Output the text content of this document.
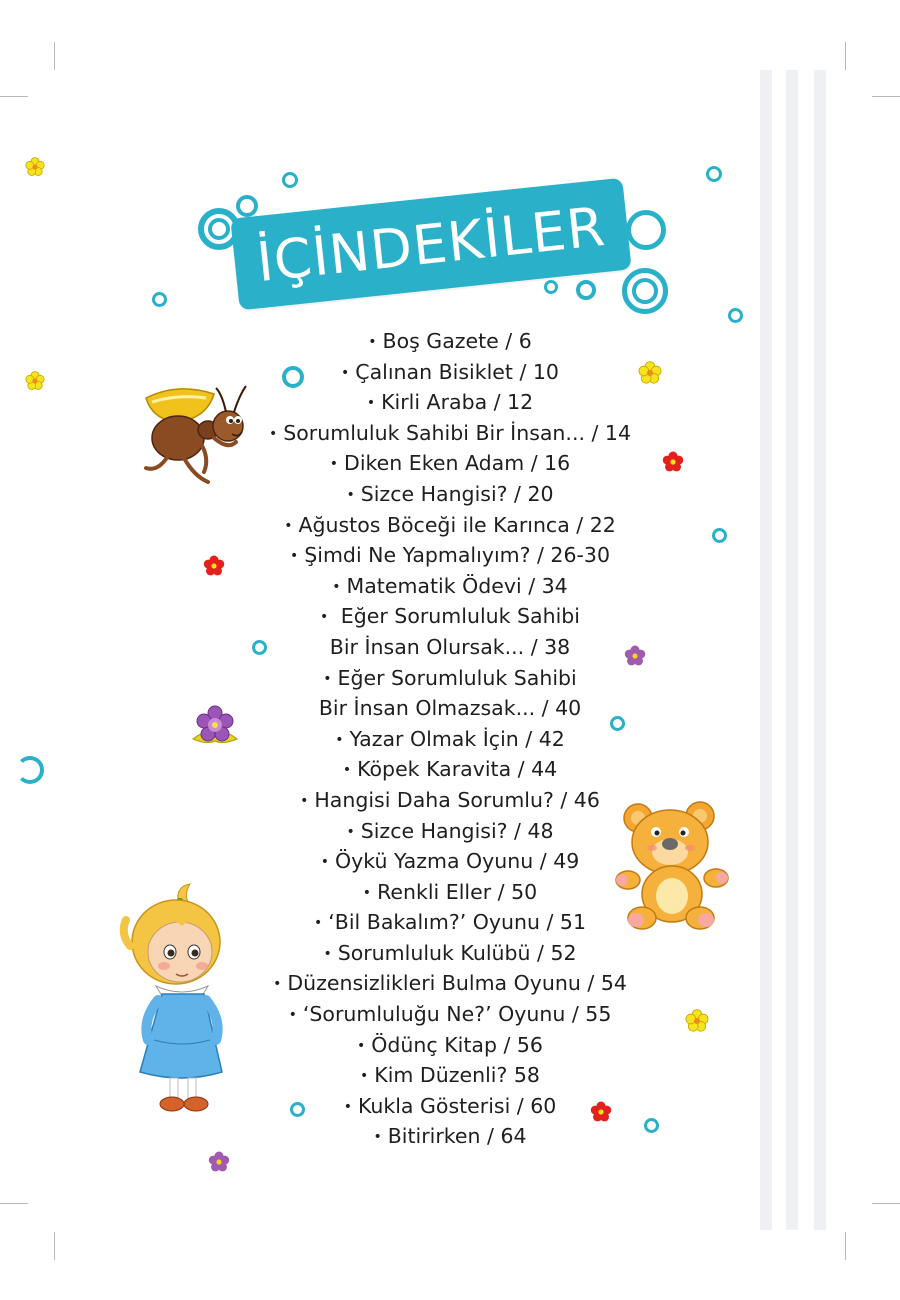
İÇİNDEKİLER
• Boş Gazete / 6
• Çalınan Bisiklet / 10
• Kirli Araba / 12
• Sorumluluk Sahibi Bir İnsan... / 14
• Diken Eken Adam / 16
• Sizce Hangisi? / 20
• Ağustos Böceği ile Karınca / 22
• Şimdi Ne Yapmalıyım? / 26-30
• Matematik Ödevi / 34
• Eğer Sorumluluk Sahibi
Bir İnsan Olursak... / 38
• Eğer Sorumluluk Sahibi
Bir İnsan Olmazsak... / 40
• Yazar Olmak İçin / 42
• Köpek Karavita / 44
• Hangisi Daha Sorumlu? / 46
• Sizce Hangisi? / 48
• Öykü Yazma Oyunu / 49
• Renkli Eller / 50
• ‘Bil Bakalım?’ Oyunu / 51
• Sorumluluk Kulübü / 52
• Düzensizlikleri Bulma Oyunu / 54
• ‘Sorumluluğu Ne?’ Oyunu / 55
• Ödünç Kitap / 56
• Kim Düzenli? 58
• Kukla Gösterisi / 60
• Bitirirken / 64
